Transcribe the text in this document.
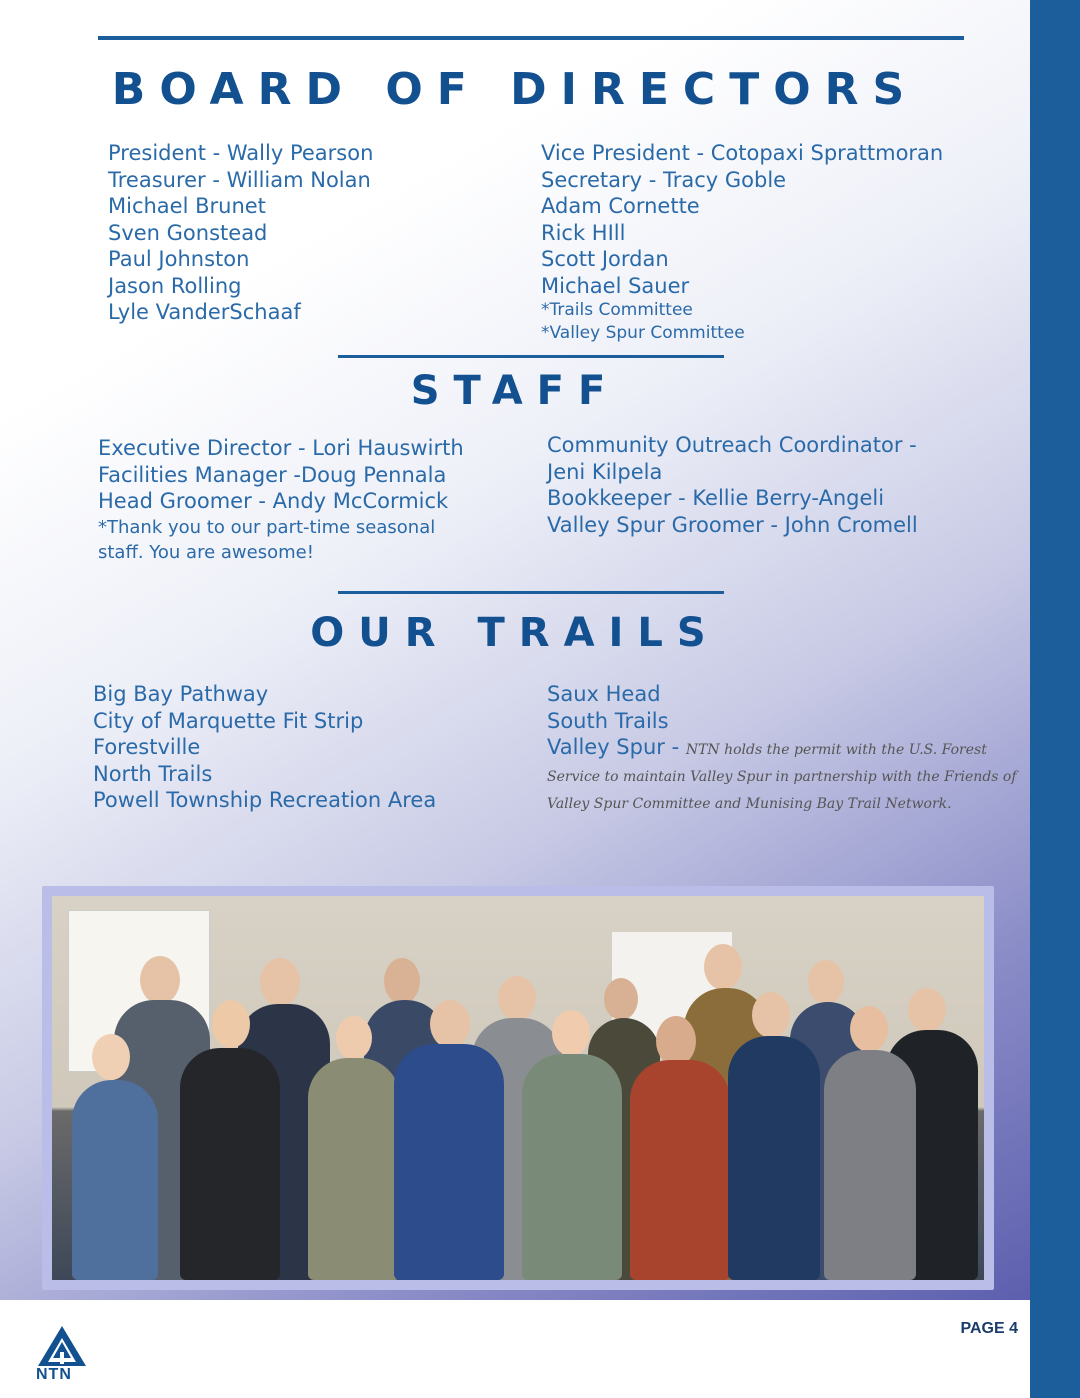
BOARD OF DIRECTORS
President - Wally Pearson
Treasurer - William Nolan
Michael Brunet
Sven Gonstead
Paul Johnston
Jason Rolling
Lyle VanderSchaaf
Vice President - Cotopaxi Sprattmoran
Secretary - Tracy Goble
Adam Cornette
Rick HIll
Scott Jordan
Michael Sauer
*Trails Committee
*Valley Spur Committee
STAFF
Executive Director - Lori Hauswirth
Facilities Manager -Doug Pennala
Head Groomer - Andy McCormick
*Thank you to our part-time seasonal
staff. You are awesome!
Community Outreach Coordinator -
Jeni Kilpela
Bookkeeper - Kellie Berry-Angeli
Valley Spur Groomer - John Cromell
OUR TRAILS
Big Bay Pathway
City of Marquette Fit Strip
Forestville
North Trails
Powell Township Recreation Area
Saux Head
South Trails
Valley Spur - NTN holds the permit with the U.S. Forest
Service to maintain Valley Spur in partnership with the Friends of
Valley Spur Committee and Munising Bay Trail Network.
NTN
PAGE 4
